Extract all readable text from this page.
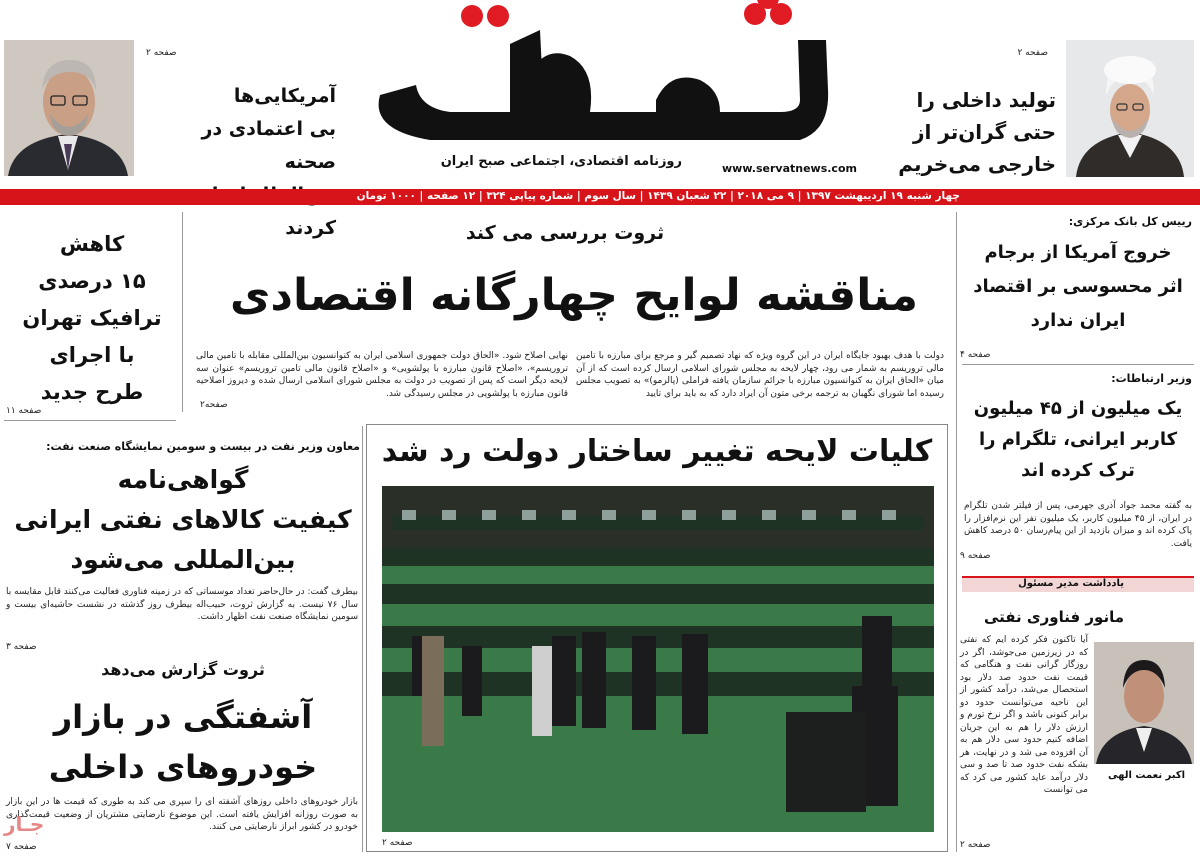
صفحه ۲
تولید داخلی را
حتی گران‌تر از
خارجی می‌خریم
روزنامه اقتصادی، اجتماعی صبح ایران	www.servatnews.com
صفحه ۲
آمریکایی‌ها
بی اعتمادی در صحنه
کردند
چهار شنبه ۱۹ اردیبهشت ۱۳۹۷ | ۹ می ۲۰۱۸ | ۲۲ شعبان ۱۴۳۹ | سال سوم | شماره پیاپی ۳۲۴ | ۱۲ صفحه | ۱۰۰۰ تومان
رییس کل بانک مرکزی:
خروج آمریکا از برجام
اثر محسوسی بر اقتصاد
ایران ندارد
صفحه ۴
وزیر ارتباطات:
یک میلیون از ۴۵ میلیون
کاربر ایرانی، تلگرام را
ترک کرده اند
به گفته محمد جواد آذری جهرمی، پس از فیلتر شدن تلگرام در ایران، از ۴۵ میلیون کاربر، یک میلیون نفر این نرم‌افزار را پاک کرده اند و میزان بازدید از این پیام‌رسان ۵۰ درصد کاهش یافت.
صفحه ۹
یادداشت مدیر مسئول
مانور فناوری نفتی
اکبر نعمت الهی
آیا تاکنون فکر کرده ایم که نفتی که در زیرزمین می‌جوشد، اگر در روزگار گرانی نفت و هنگامی که قیمت نفت حدود صد دلار بود استحصال می‌شد، درآمد کشور از این ناحیه می‌توانست حدود دو برابر کنونی باشد و اگر نرخ تورم و ارزش دلار را هم به این جریان اضافه کنیم حدود سی دلار هم به آن افزوده می شد و در نهایت، هر بشکه نفت حدود صد تا صد و سی دلار درآمد عاید کشور می کرد که می توانست
صفحه ۲
ثروت بررسی می کند
مناقشه لوایح چهارگانه اقتصادی
دولت با هدف بهبود جایگاه ایران در این گروه ویژه که نهاد تصمیم گیر و مرجع برای مبارزه با تامین مالی تروریسم به شمار می رود، چهار لایحه به مجلس شورای اسلامی ارسال کرده است که از آن میان «الحاق ایران به کنوانسیون مبارزه با جرائم سازمان یافته فراملی (پالرمو)» به تصویب مجلس رسیده اما شورای نگهبان به ترجمه برخی متون آن ایراد دارد که به باید برای تایید
نهایی اصلاح شود. «الحاق دولت جمهوری اسلامی ایران به کنوانسیون بین‌المللی مقابله با تامین مالی تروریسم»، «اصلاح قانون مبارزه با پولشویی» و «اصلاح قانون مالی تامین تروریسم» عنوان سه لایحه دیگر است که پس از تصویب در دولت به مجلس شورای اسلامی ارسال شده و دیروز اصلاحیه قانون مبارزه با پولشویی در مجلس رسیدگی شد.
صفحه۲
کلیات لایحه تغییر ساختار دولت رد شد
صفحه ۲
کاهش
۱۵ درصدی
ترافیک تهران
با اجرای
طرح جدید
صفحه ۱۱
معاون وزیر نفت در بیست و سومین نمایشگاه صنعت نفت:
گواهی‌نامه
کیفیت کالاهای نفتی ایرانی
بین‌المللی می‌شود
بیطرف گفت: در حال‌حاضر تعداد موسساتی که در زمینه فناوری فعالیت می‌کنند قابل مقایسه با سال ۷۶ نیست. به گزارش ثروت، حبیب‌اله بیطرف روز گذشته در نشست حاشیه‌ای بیست و سومین نمایشگاه صنعت نفت اظهار داشت.
صفحه ۳
ثروت گزارش می‌دهد
آشفتگی در بازار
خودروهای داخلی
بازار خودروهای داخلی روزهای آشفته ای را سپری می کند به طوری که قیمت ها در این بازار به صورت روزانه افزایش یافته است. این موضوع نارضایتی مشتریان از وضعیت قیمت‌گذاری خودرو در کشور ابراز نارضایتی می کنند.
جـار
صفحه ۷
